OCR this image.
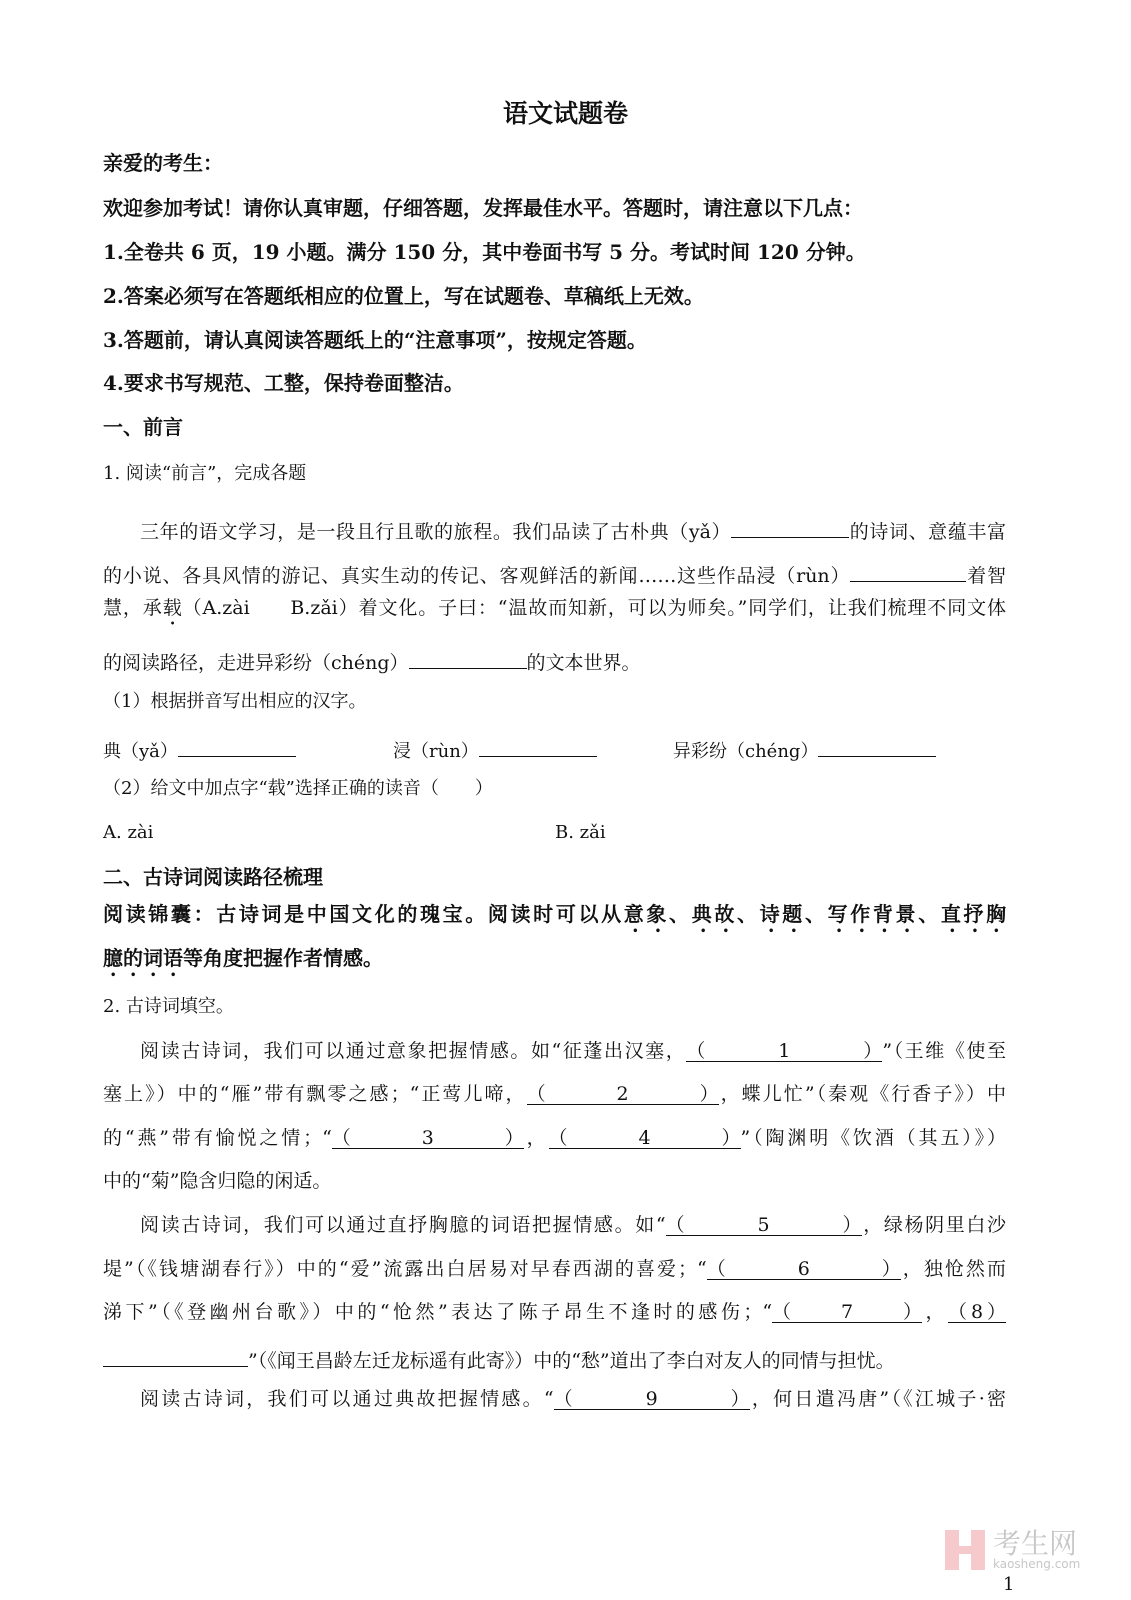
语文试题卷
亲爱的考生：
欢迎参加考试！请你认真审题，仔细答题，发挥最佳水平。答题时，请注意以下几点：
1.全卷共 6 页，19 小题。满分 150 分，其中卷面书写 5 分。考试时间 120 分钟。
2.答案必须写在答题纸相应的位置上，写在试题卷、草稿纸上无效。
3.答题前，请认真阅读答题纸上的“注意事项”，按规定答题。
4.要求书写规范、工整，保持卷面整洁。
一、前言
1. 阅读“前言”，完成各题
三年的语文学习，是一段且行且歌的旅程。我们品读了古朴典（yǎ）	的诗词、意蕴丰富
的小说、各具风情的游记、真实生动的传记、客观鲜活的新闻……这些作品浸（rùn）	着智
慧，承载（A.zài　　B.zǎi）着文化。子曰：“温故而知新，可以为师矣。”同学们，让我们梳理不同文体
的阅读路径，走进异彩纷（chéng）	的文本世界。
（1）根据拼音写出相应的汉字。
典（yǎ）	浸（rùn）	异彩纷（chéng）
（2）给文中加点字“载”选择正确的读音（　　）
A. zài	B. zǎi
二、古诗词阅读路径梳理
阅读锦囊：古诗词是中国文化的瑰宝。阅读时可以从意象、典故、诗题、写作背景、直抒胸
臆的词语等角度把握作者情感。
2. 古诗词填空。
阅读古诗词，我们可以通过意象把握情感。如“征蓬出汉塞，（1）”（王维《使至
塞上》）中的“雁”带有飘零之感；“正莺儿啼，（2），蝶儿忙”（秦观《行香子》）中
的“燕”带有愉悦之情；“（3），（4）”（陶渊明《饮酒（其五）》）
中的“菊”隐含归隐的闲适。
阅读古诗词，我们可以通过直抒胸臆的词语把握情感。如“（5），绿杨阴里白沙
堤”（《钱塘湖春行》）中的“爱”流露出白居易对早春西湖的喜爱；“（6），独怆然而
涕下”（《登幽州台歌》）中的“怆然”表达了陈子昂生不逢时的感伤；“（7），（8）
”（《闻王昌龄左迁龙标遥有此寄》）中的“愁”道出了李白对友人的同情与担忧。
阅读古诗词，我们可以通过典故把握情感。“（9），何日遣冯唐”（《江城子·密
考生网
kaosheng.com
1
